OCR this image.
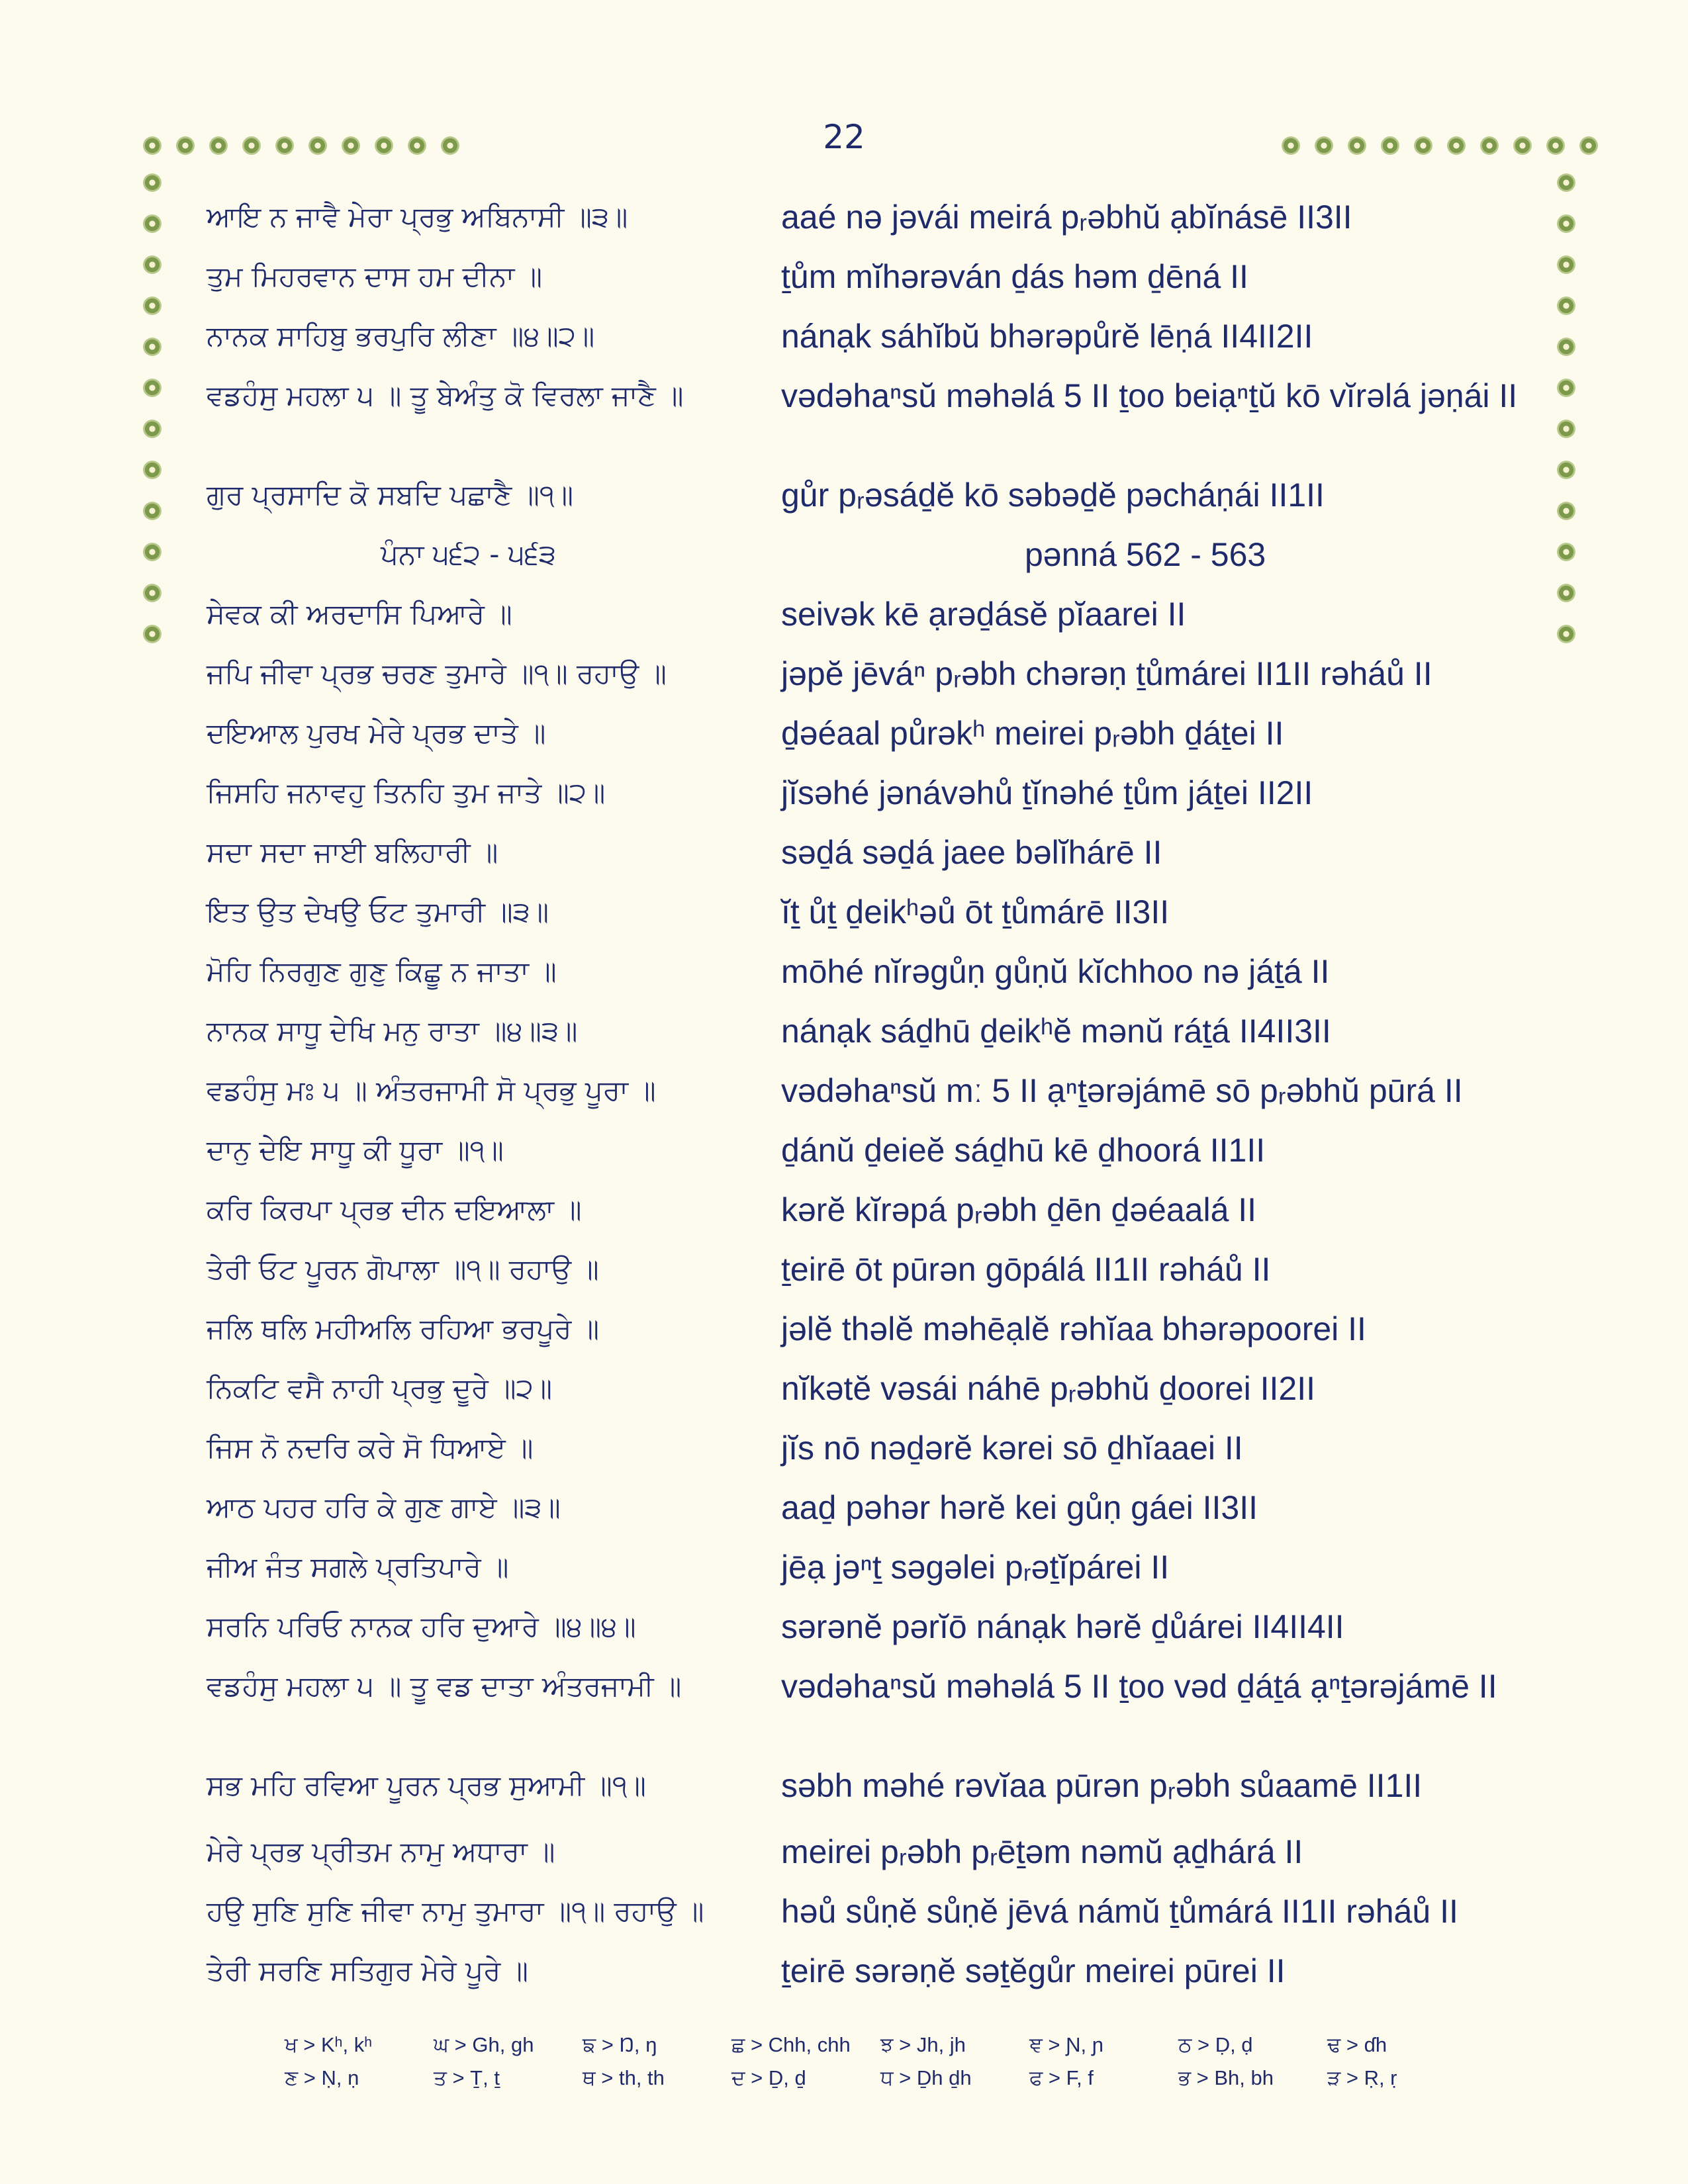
22
ਆਇ ਨ ਜਾਵੈ ਮੇਰਾ ਪ੍ਰਭੁ ਅਬਿਨਾਸੀ ॥੩॥	aaé nə jəvái meirá pᵣəbhŭ ạbĭnásē II3II
ਤੁਮ ਮਿਹਰਵਾਨ ਦਾਸ ਹਮ ਦੀਨਾ ॥	ṯům mĭhərəván ḏás həm ḏēná II
ਨਾਨਕ ਸਾਹਿਬੁ ਭਰਪੁਰਿ ਲੀਣਾ ॥੪॥੨॥	nánạk sáhĭbŭ bhərəpůrĕ lēṇá II4II2II
ਵਡਹੰਸੁ ਮਹਲਾ ੫ ॥ ਤੂ ਬੇਅੰਤੁ ਕੋ ਵਿਰਲਾ ਜਾਣੈ ॥	vədəhaⁿsŭ məhəlá 5 II ṯoo beiạⁿṯŭ kō vĭrəlá jəṇái II
ਗੁਰ ਪ੍ਰਸਾਦਿ ਕੋ ਸਬਦਿ ਪਛਾਣੈ ॥੧॥	gůr pᵣəsáḏĕ kō səbəḏĕ pəcháṇái II1II
ਪੰਨਾ ੫੬੨ - ੫੬੩	pənná 562 - 563
ਸੇਵਕ ਕੀ ਅਰਦਾਸਿ ਪਿਆਰੇ ॥	seivək kē ạrəḏásĕ pĭaarei II
ਜਪਿ ਜੀਵਾ ਪ੍ਰਭ ਚਰਣ ਤੁਮਾਰੇ ॥੧॥ ਰਹਾਉ ॥	jəpĕ jēváⁿ pᵣəbh chərəṇ ṯůmárei II1II rəháů II
ਦਇਆਲ ਪੁਰਖ ਮੇਰੇ ਪ੍ਰਭ ਦਾਤੇ ॥	ḏəéaal půrəkʰ meirei pᵣəbh ḏáṯei II
ਜਿਸਹਿ ਜਨਾਵਹੁ ਤਿਨਹਿ ਤੁਮ ਜਾਤੇ ॥੨॥	jĭsəhé jənávəhů ṯĭnəhé ṯům jáṯei II2II
ਸਦਾ ਸਦਾ ਜਾਈ ਬਲਿਹਾਰੀ ॥	səḏá səḏá jaee bəlĭhárē II
ਇਤ ਉਤ ਦੇਖਉ ਓਟ ਤੁਮਾਰੀ ॥੩॥	ĭṯ ůṯ ḏeikʰəů ōt ṯůmárē II3II
ਮੋਹਿ ਨਿਰਗੁਣ ਗੁਣੁ ਕਿਛੂ ਨ ਜਾਤਾ ॥	mōhé nĭrəgůṇ gůṇŭ kĭchhoo nə jáṯá II
ਨਾਨਕ ਸਾਧੂ ਦੇਖਿ ਮਨੁ ਰਾਤਾ ॥੪॥੩॥	nánạk sáḏhū ḏeikʰĕ mənŭ ráṯá II4II3II
ਵਡਹੰਸੁ ਮਃ ੫ ॥ ਅੰਤਰਜਾਮੀ ਸੋ ਪ੍ਰਭੁ ਪੂਰਾ ॥	vədəhaⁿsŭ mː 5 II ạⁿṯərəjámē sō pᵣəbhŭ pūrá II
ਦਾਨੁ ਦੇਇ ਸਾਧੂ ਕੀ ਧੂਰਾ ॥੧॥	ḏánŭ ḏeieĕ sáḏhū kē ḏhoorá II1II
ਕਰਿ ਕਿਰਪਾ ਪ੍ਰਭ ਦੀਨ ਦਇਆਲਾ ॥	kərĕ kĭrəpá pᵣəbh ḏēn ḏəéaalá II
ਤੇਰੀ ਓਟ ਪੂਰਨ ਗੋਪਾਲਾ ॥੧॥ ਰਹਾਉ ॥	ṯeirē ōt pūrən gōpálá II1II rəháů II
ਜਲਿ ਥਲਿ ਮਹੀਅਲਿ ਰਹਿਆ ਭਰਪੂਰੇ ॥	jəlĕ thəlĕ məhēạlĕ rəhĭaa bhərəpoorei II
ਨਿਕਟਿ ਵਸੈ ਨਾਹੀ ਪ੍ਰਭੁ ਦੂਰੇ ॥੨॥	nĭkətĕ vəsái náhē pᵣəbhŭ ḏoorei II2II
ਜਿਸ ਨੋ ਨਦਰਿ ਕਰੇ ਸੋ ਧਿਆਏ ॥	jĭs nō nəḏərĕ kərei sō ḏhĭaaei II
ਆਠ ਪਹਰ ਹਰਿ ਕੇ ਗੁਣ ਗਾਏ ॥੩॥	aaḏ pəhər hərĕ kei gůṇ gáei II3II
ਜੀਅ ਜੰਤ ਸਗਲੇ ਪ੍ਰਤਿਪਾਰੇ ॥	jēạ jəⁿṯ səgəlei pᵣəṯĭpárei II
ਸਰਨਿ ਪਰਿਓ ਨਾਨਕ ਹਰਿ ਦੁਆਰੇ ॥੪॥੪॥	sərənĕ pərĭō nánạk hərĕ ḏůárei II4II4II
ਵਡਹੰਸੁ ਮਹਲਾ ੫ ॥ ਤੂ ਵਡ ਦਾਤਾ ਅੰਤਰਜਾਮੀ ॥	vədəhaⁿsŭ məhəlá 5 II ṯoo vəd ḏáṯá ạⁿṯərəjámē II
ਸਭ ਮਹਿ ਰਵਿਆ ਪੂਰਨ ਪ੍ਰਭ ਸੁਆਮੀ ॥੧॥	səbh məhé rəvĭaa pūrən pᵣəbh sůaamē II1II
ਮੇਰੇ ਪ੍ਰਭ ਪ੍ਰੀਤਮ ਨਾਮੁ ਅਧਾਰਾ ॥	meirei pᵣəbh pᵣēṯəm nəmŭ ạḏhárá II
ਹਉ ਸੁਣਿ ਸੁਣਿ ਜੀਵਾ ਨਾਮੁ ਤੁਮਾਰਾ ॥੧॥ ਰਹਾਉ ॥	həů sůṇĕ sůṇĕ jēvá námŭ ṯůmárá II1II rəháů II
ਤੇਰੀ ਸਰਣਿ ਸਤਿਗੁਰ ਮੇਰੇ ਪੂਰੇ ॥	ṯeirē sərəṇĕ səṯĕgůr meirei pūrei II
ਖ > Kʰ, kʰ	ਘ > Gh, gh	ਙ > Ŋ, ŋ	ਛ > Chh, chh	ਝ > Jh, jh	ਞ > Ɲ, ɲ	ਠ > Ḍ, ḍ	ਢ > ɗh
ਣ > Ṇ, ṇ	ਤ > Ṯ, ṯ	ਥ > th, th	ਦ > Ḏ, ḏ	ਧ > Ḏh ḏh	ਫ > F, f	ਭ > Bh, bh	ੜ > Ṛ, ṛ
